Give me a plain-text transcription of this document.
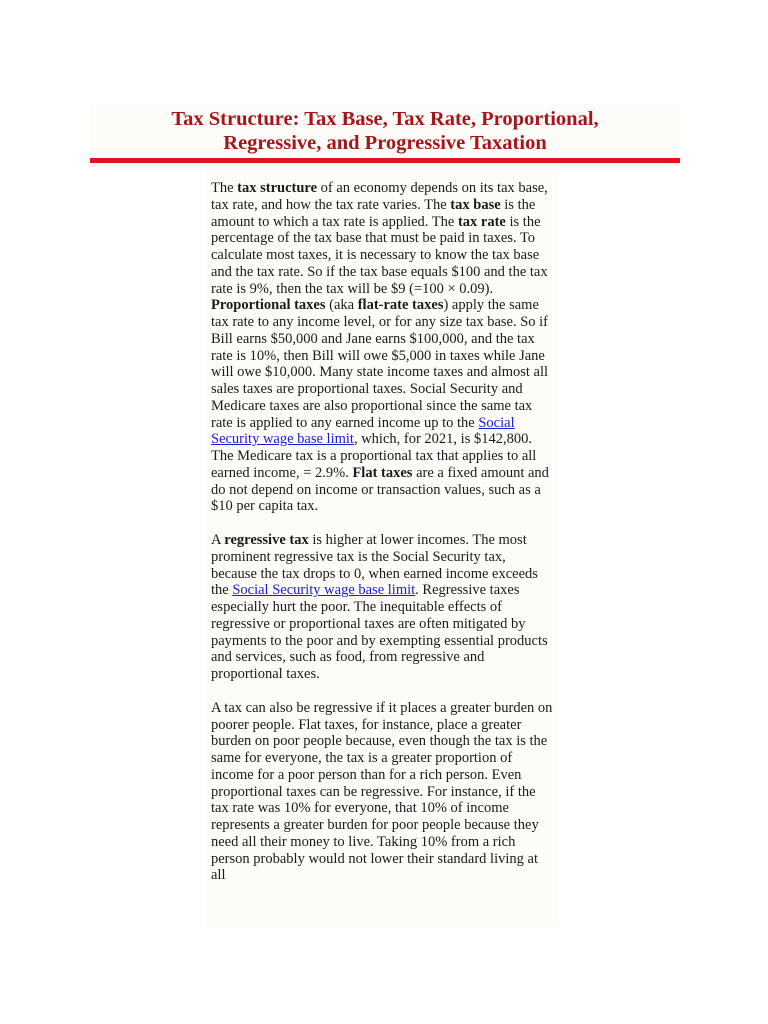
Tax Structure: Tax Base, Tax Rate, Proportional,
Regressive, and Progressive Taxation

The tax structure of an economy depends on its tax base, tax rate, and how the tax rate varies. The tax base is the amount to which a tax rate is applied. The tax rate is the percentage of the tax base that must be paid in taxes. To calculate most taxes, it is necessary to know the tax base and the tax rate. So if the tax base equals $100 and the tax rate is 9%, then the tax will be $9 (=100 × 0.09). Proportional taxes (aka flat-rate taxes) apply the same tax rate to any income level, or for any size tax base. So if Bill earns $50,000 and Jane earns $100,000, and the tax rate is 10%, then Bill will owe $5,000 in taxes while Jane will owe $10,000. Many state income taxes and almost all sales taxes are proportional taxes. Social Security and Medicare taxes are also proportional since the same tax rate is applied to any earned income up to the Social Security wage base limit, which, for 2021, is $142,800. The Medicare tax is a proportional tax that applies to all earned income, = 2.9%. Flat taxes are a fixed amount and do not depend on income or transaction values, such as a $10 per capita tax.

A regressive tax is higher at lower incomes. The most prominent regressive tax is the Social Security tax, because the tax drops to 0, when earned income exceeds the Social Security wage base limit. Regressive taxes especially hurt the poor. The inequitable effects of regressive or proportional taxes are often mitigated by payments to the poor and by exempting essential products and services, such as food, from regressive and proportional taxes.

A tax can also be regressive if it places a greater burden on poorer people. Flat taxes, for instance, place a greater burden on poor people because, even though the tax is the same for everyone, the tax is a greater proportion of income for a poor person than for a rich person. Even proportional taxes can be regressive. For instance, if the tax rate was 10% for everyone, that 10% of income represents a greater burden for poor people because they need all their money to live. Taking 10% from a rich person probably would not lower their standard living at all
